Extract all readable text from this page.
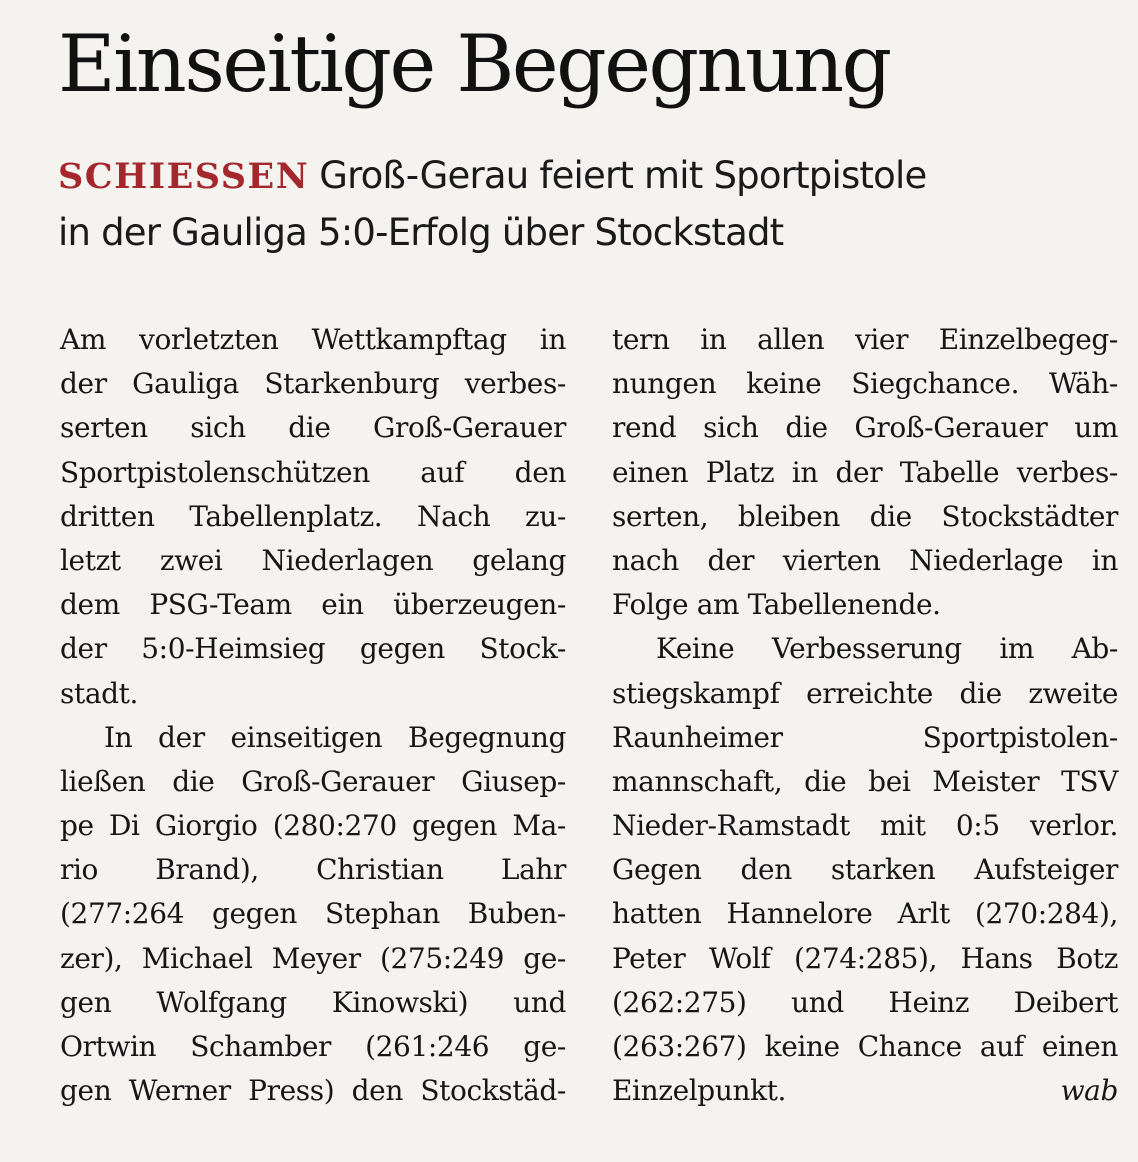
Einseitige Begegnung
SCHIESSEN Groß-Gerau feiert mit Sportpistole
in der Gauliga 5:0-Erfolg über Stockstadt
Am vorletzten Wettkampftag in
der Gauliga Starkenburg verbes-
serten sich die Groß-Gerauer
Sportpistolenschützen auf den
dritten Tabellenplatz. Nach zu-
letzt zwei Niederlagen gelang
dem PSG-Team ein überzeugen-
der 5:0-Heimsieg gegen Stock-
stadt.
In der einseitigen Begegnung
ließen die Groß-Gerauer Giusep-
pe Di Giorgio (280:270 gegen Ma-
rio Brand), Christian Lahr
(277:264 gegen Stephan Buben-
zer), Michael Meyer (275:249 ge-
gen Wolfgang Kinowski) und
Ortwin Schamber (261:246 ge-
gen Werner Press) den Stockstäd-
tern in allen vier Einzelbegeg-
nungen keine Siegchance. Wäh-
rend sich die Groß-Gerauer um
einen Platz in der Tabelle verbes-
serten, bleiben die Stockstädter
nach der vierten Niederlage in
Folge am Tabellenende.
Keine Verbesserung im Ab-
stiegskampf erreichte die zweite
Raunheimer Sportpistolen-
mannschaft, die bei Meister TSV
Nieder-Ramstadt mit 0:5 verlor.
Gegen den starken Aufsteiger
hatten Hannelore Arlt (270:284),
Peter Wolf (274:285), Hans Botz
(262:275) und Heinz Deibert
(263:267) keine Chance auf einen
Einzelpunkt.	wab
